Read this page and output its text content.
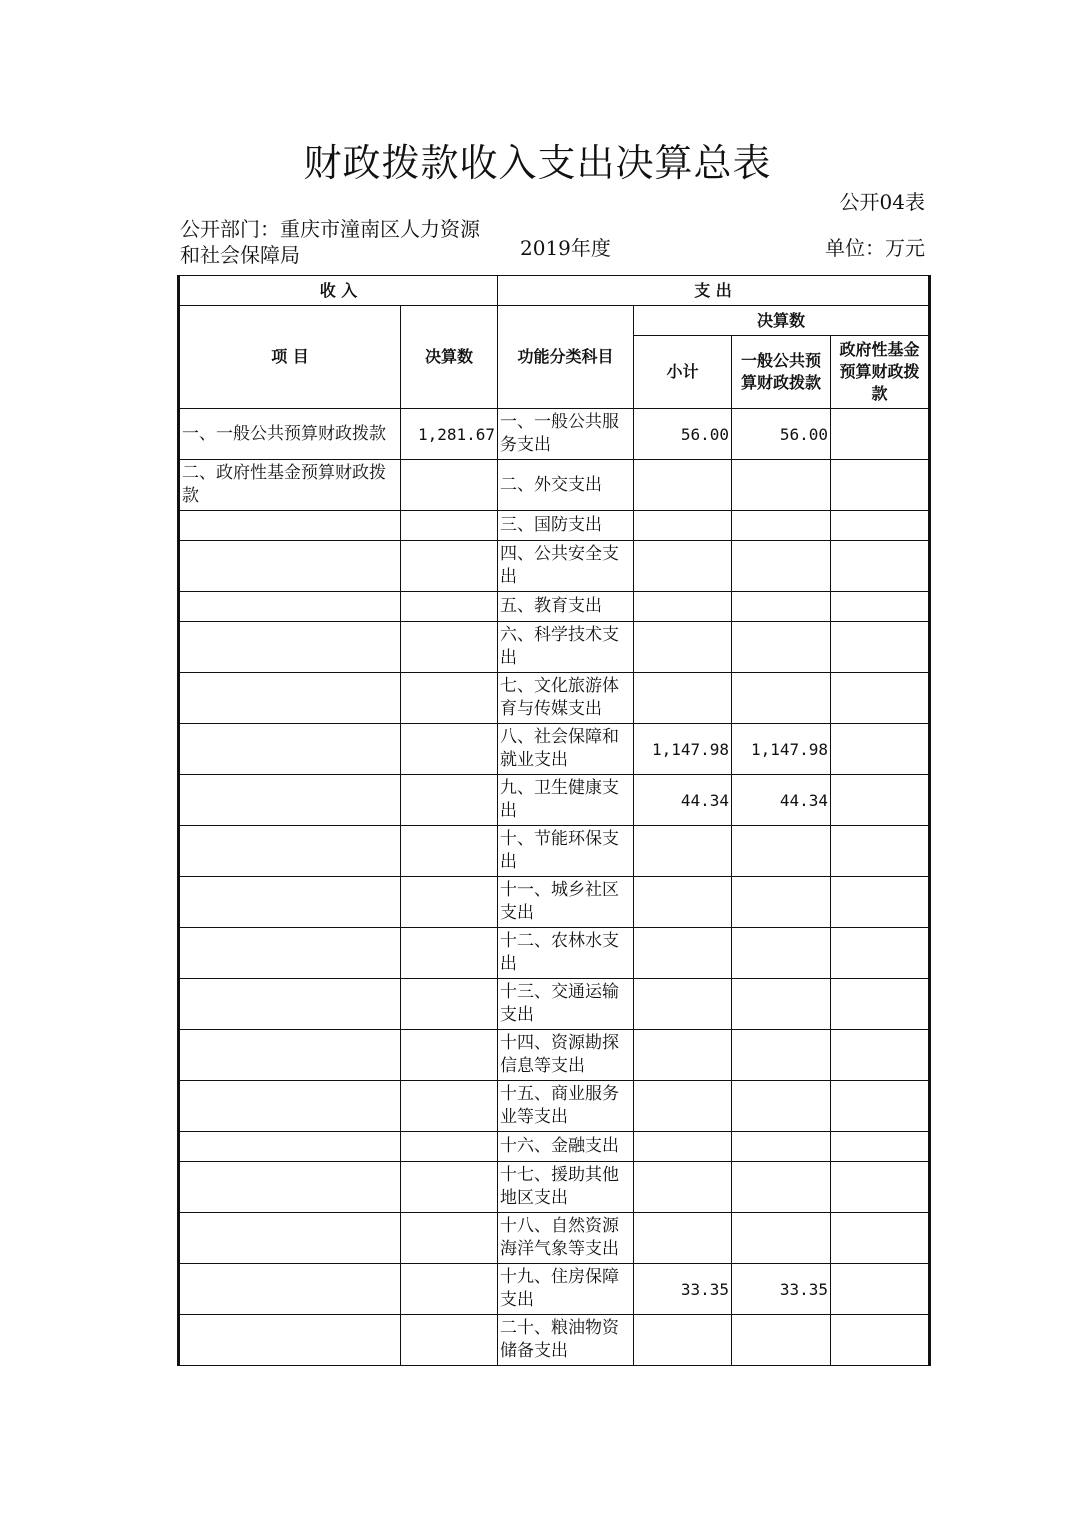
财政拨款收入支出决算总表
公开04表
公开部门：重庆市潼南区人力资源和社会保障局	2019年度	单位：万元
收 入		支 出			
项 目	决算数	功能分类科目	决算数		
			小计	一般公共预算财政拨款	政府性基金预算财政拨款
一、一般公共预算财政拨款	1,281.67	一、一般公共服务支出	56.00	56.00	
二、政府性基金预算财政拨款		二、外交支出			
		三、国防支出			
		四、公共安全支出			
		五、教育支出			
		六、科学技术支出			
		七、文化旅游体育与传媒支出			
		八、社会保障和就业支出	1,147.98	1,147.98	
		九、卫生健康支出	44.34	44.34	
		十、节能环保支出			
		十一、城乡社区支出			
		十二、农林水支出			
		十三、交通运输支出			
		十四、资源勘探信息等支出			
		十五、商业服务业等支出			
		十六、金融支出			
		十七、援助其他地区支出			
		十八、自然资源海洋气象等支出			
		十九、住房保障支出	33.35	33.35	
		二十、粮油物资储备支出			
